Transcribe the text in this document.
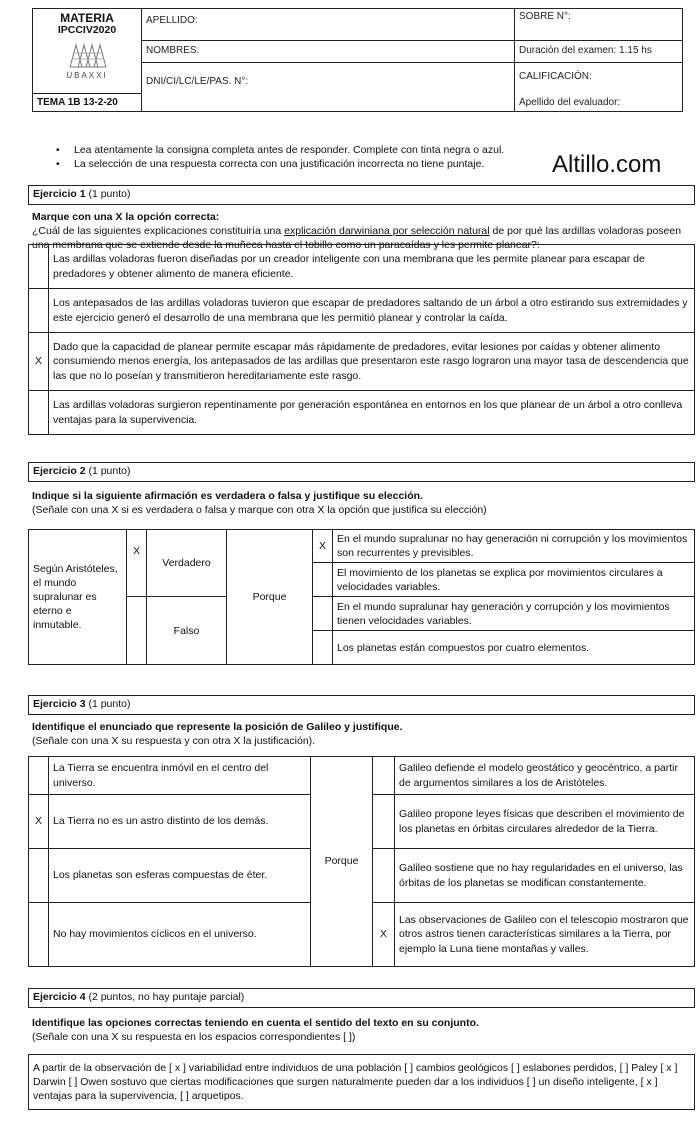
MATERIA
IPCCIV2020
UBAXXI
TEMA 1B 13-2-20
APELLIDO:
NOMBRES:
DNI/CI/LC/LE/PAS. N°:
SOBRE N°:
Duración del examen: 1.15 hs
CALIFICACIÓN:
Apellido del evaluador:
• Lea atentamente la consigna completa antes de responder. Complete con tinta negra o azul.
• La selección de una respuesta correcta con una justificación incorrecta no tiene puntaje.	Altillo.com
Ejercicio 1 (1 punto)
Marque con una X la opción correcta:
¿Cuál de las siguientes explicaciones constituiría una explicación darwiniana por selección natural de por qué las ardillas voladoras poseen una membrana que se extiende desde la muñeca hasta el tobillo como un paracaídas y les permite planear?:
	Las ardillas voladoras fueron diseñadas por un creador inteligente con una membrana que les permite planear para escapar de predadores y obtener alimento de manera eficiente.
	Los antepasados de las ardillas voladoras tuvieron que escapar de predadores saltando de un árbol a otro estirando sus extremidades y este ejercicio generó el desarrollo de una membrana que les permitió planear y controlar la caída.
X	Dado que la capacidad de planear permite escapar más rápidamente de predadores, evitar lesiones por caídas y obtener alimento consumiendo menos energía, los antepasados de las ardillas que presentaron este rasgo lograron una mayor tasa de descendencia que las que no lo poseían y transmitieron hereditariamente este rasgo.
	Las ardillas voladoras surgieron repentinamente por generación espontánea en entornos en los que planear de un árbol a otro conlleva ventajas para la supervivencia.
Ejercicio 2 (1 punto)
Indique si la siguiente afirmación es verdadera o falsa y justifique su elección.
(Señale con una X si es verdadera o falsa y marque con otra X la opción que justifica su elección)
Según Aristóteles, el mundo supralunar es eterno e inmutable.	X	Verdadero	Porque	X	En el mundo supralunar no hay generación ni corrupción y los movimientos son recurrentes y previsibles.
					El movimiento de los planetas se explica por movimientos circulares a velocidades variables.
		Falso			En el mundo supralunar hay generación y corrupción y los movimientos tienen velocidades variables.
					Los planetas están compuestos por cuatro elementos.
Ejercicio 3 (1 punto)
Identifique el enunciado que represente la posición de Galileo y justifique.
(Señale con una X su respuesta y con otra X la justificación).
	La Tierra se encuentra inmóvil en el centro del universo.	Porque		Galileo defiende el modelo geostático y geocéntrico, a partir de argumentos similares a los de Aristóteles.
X	La Tierra no es un astro distinto de los demás.			Galileo propone leyes físicas que describen el movimiento de los planetas en órbitas circulares alrededor de la Tierra.
	Los planetas son esferas compuestas de éter.			Galileo sostiene que no hay regularidades en el universo, las órbitas de los planetas se modifican constantemente.
	No hay movimientos cíclicos en el universo.		X	Las observaciones de Galileo con el telescopio mostraron que otros astros tienen características similares a la Tierra, por ejemplo la Luna tiene montañas y valles.
Ejercicio 4 (2 puntos, no hay puntaje parcial)
Identifique las opciones correctas teniendo en cuenta el sentido del texto en su conjunto.
(Señale con una X su respuesta en los espacios correspondientes [ ])
A partir de la observación de [ x ] variabilidad entre individuos de una población [ ] cambios geológicos [ ] eslabones perdidos, [ ] Paley [ x ] Darwin [ ] Owen sostuvo que ciertas modificaciones que surgen naturalmente pueden dar a los individuos [ ] un diseño inteligente, [ x ] ventajas para la supervivencia, [ ] arquetipos.
